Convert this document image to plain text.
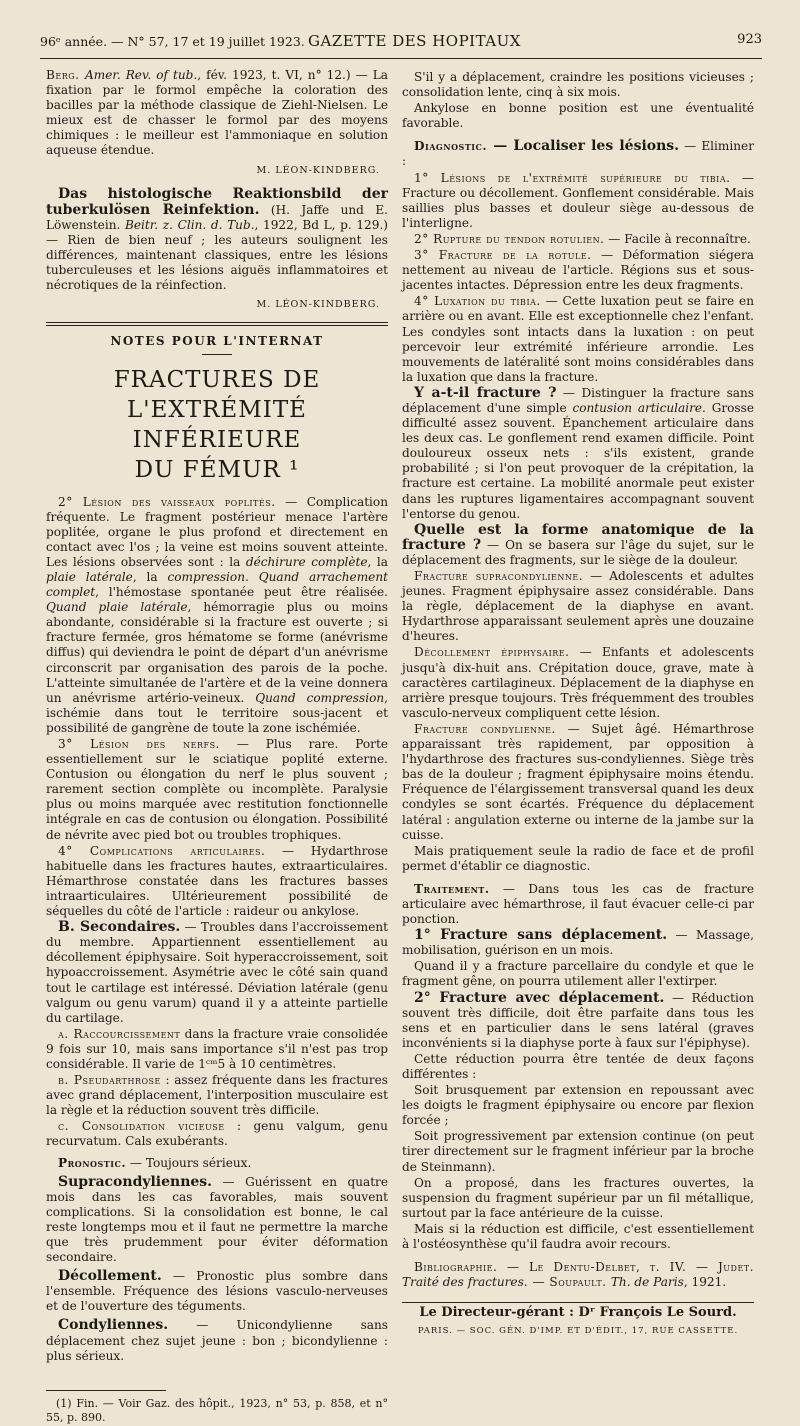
96ᵉ année. — N° 57, 17 et 19 juillet 1923. GAZETTE DES HOPITAUX	923

Berg. Amer. Rev. of tub., fév. 1923, t. VI, n° 12.) — La fixation par le formol empêche la coloration des bacilles par la méthode classique de Ziehl-Nielsen. Le mieux est de chasser le formol par des moyens chimiques : le meilleur est l'ammoniaque en solution aqueuse étendue.

M. LÉON-KINDBERG.

Das histologische Reaktionsbild der tuberkulösen Reinfektion. (H. Jaffe und E. Löwenstein. Beitr. z. Clin. d. Tub., 1922, Bd L, p. 129.) — Rien de bien neuf ; les auteurs soulignent les différences, maintenant classiques, entre les lésions tuberculeuses et les lésions aiguës inflammatoires et nécrotiques de la réinfection.

M. LÉON-KINDBERG.
NOTES POUR L'INTERNAT
FRACTURES DE L'EXTRÉMITÉ INFÉRIEURE
DU FÉMUR ¹

2° Lésion des vaisseaux poplités. — Complication fréquente. Le fragment postérieur menace l'artère poplitée, organe le plus profond et directement en contact avec l'os ; la veine est moins souvent atteinte. Les lésions observées sont : la déchirure complète, la plaie latérale, la compression. Quand arrachement complet, l'hémostase spontanée peut être réalisée. Quand plaie latérale, hémorragie plus ou moins abondante, considérable si la fracture est ouverte ; si fracture fermée, gros hématome se forme (anévrisme diffus) qui deviendra le point de départ d'un anévrisme circonscrit par organisation des parois de la poche. L'atteinte simultanée de l'artère et de la veine donnera un anévrisme artério-veineux. Quand compression, ischémie dans tout le territoire sous-jacent et possibilité de gangrène de toute la zone ischémiée.

3° Lésion des nerfs. — Plus rare. Porte essentiellement sur le sciatique poplité externe. Contusion ou élongation du nerf le plus souvent ; rarement section complète ou incomplète. Paralysie plus ou moins marquée avec restitution fonctionnelle intégrale en cas de contusion ou élongation. Possibilité de névrite avec pied bot ou troubles trophiques.

4° Complications articulaires. — Hydarthrose habituelle dans les fractures hautes, extraarticulaires. Hémarthrose constatée dans les fractures basses intraarticulaires. Ultérieurement possibilité de séquelles du côté de l'article : raideur ou ankylose.

B. Secondaires. — Troubles dans l'accroissement du membre. Appartiennent essentiellement au décollement épiphysaire. Soit hyperaccroissement, soit hypoaccroissement. Asymétrie avec le côté sain quand tout le cartilage est intéressé. Déviation latérale (genu valgum ou genu varum) quand il y a atteinte partielle du cartilage.

a. Raccourcissement dans la fracture vraie consolidée 9 fois sur 10, mais sans importance s'il n'est pas trop considérable. Il varie de 1ᶜᵐ5 à 10 centimètres.

b. Pseudarthrose : assez fréquente dans les fractures avec grand déplacement, l'interposition musculaire est la règle et la réduction souvent très difficile.

c. Consolidation vicieuse : genu valgum, genu recurvatum. Cals exubérants.

Pronostic. — Toujours sérieux.

Supracondyliennes. — Guérissent en quatre mois dans les cas favorables, mais souvent complications. Si la consolidation est bonne, le cal reste longtemps mou et il faut ne permettre la marche que très prudemment pour éviter déformation secondaire.

Décollement. — Pronostic plus sombre dans l'ensemble. Fréquence des lésions vasculo-nerveuses et de l'ouverture des téguments.

Condyliennes. — Unicondylienne sans déplacement chez sujet jeune : bon ; bicondylienne : plus sérieux.

(1) Fin. — Voir Gaz. des hôpit., 1923, n° 53, p. 858, et n° 55, p. 890.

S'il y a déplacement, craindre les positions vicieuses ; consolidation lente, cinq à six mois.

Ankylose en bonne position est une éventualité favorable.

Diagnostic. — Localiser les lésions. — Eliminer :

1° Lésions de l'extrémité supérieure du tibia. — Fracture ou décollement. Gonflement considérable. Mais saillies plus basses et douleur siège au-dessous de l'interligne.

2° Rupture du tendon rotulien. — Facile à reconnaître.

3° Fracture de la rotule. — Déformation siégera nettement au niveau de l'article. Régions sus et sous-jacentes intactes. Dépression entre les deux fragments.

4° Luxation du tibia. — Cette luxation peut se faire en arrière ou en avant. Elle est exceptionnelle chez l'enfant. Les condyles sont intacts dans la luxation : on peut percevoir leur extrémité inférieure arrondie. Les mouvements de latéralité sont moins considérables dans la luxation que dans la fracture.

Y a-t-il fracture ? — Distinguer la fracture sans déplacement d'une simple contusion articulaire. Grosse difficulté assez souvent. Épanchement articulaire dans les deux cas. Le gonflement rend examen difficile. Point douloureux osseux nets : s'ils existent, grande probabilité ; si l'on peut provoquer de la crépitation, la fracture est certaine. La mobilité anormale peut exister dans les ruptures ligamentaires accompagnant souvent l'entorse du genou.

Quelle est la forme anatomique de la fracture ? — On se basera sur l'âge du sujet, sur le déplacement des fragments, sur le siège de la douleur.

Fracture supracondylienne. — Adolescents et adultes jeunes. Fragment épiphysaire assez considérable. Dans la règle, déplacement de la diaphyse en avant. Hydarthrose apparaissant seulement après une douzaine d'heures.

Décollement épiphysaire. — Enfants et adolescents jusqu'à dix-huit ans. Crépitation douce, grave, mate à caractères cartilagineux. Déplacement de la diaphyse en arrière presque toujours. Très fréquemment des troubles vasculo-nerveux compliquent cette lésion.

Fracture condylienne. — Sujet âgé. Hémarthrose apparaissant très rapidement, par opposition à l'hydarthrose des fractures sus-condyliennes. Siège très bas de la douleur ; fragment épiphysaire moins étendu. Fréquence de l'élargissement transversal quand les deux condyles se sont écartés. Fréquence du déplacement latéral : angulation externe ou interne de la jambe sur la cuisse.

Mais pratiquement seule la radio de face et de profil permet d'établir ce diagnostic.

Traitement. — Dans tous les cas de fracture articulaire avec hémarthrose, il faut évacuer celle-ci par ponction.

1° Fracture sans déplacement. — Massage, mobilisation, guérison en un mois.

Quand il y a fracture parcellaire du condyle et que le fragment gêne, on pourra utilement aller l'extirper.

2° Fracture avec déplacement. — Réduction souvent très difficile, doit être parfaite dans tous les sens et en particulier dans le sens latéral (graves inconvénients si la diaphyse porte à faux sur l'épiphyse).

Cette réduction pourra être tentée de deux façons différentes :

Soit brusquement par extension en repoussant avec les doigts le fragment épiphysaire ou encore par flexion forcée ;

Soit progressivement par extension continue (on peut tirer directement sur le fragment inférieur par la broche de Steinmann).

On a proposé, dans les fractures ouvertes, la suspension du fragment supérieur par un fil métallique, surtout par la face antérieure de la cuisse.

Mais si la réduction est difficile, c'est essentiellement à l'ostéosynthèse qu'il faudra avoir recours.

Bibliographie. — Le Dentu-Delbet, t. IV. — Judet. Traité des fractures. — Soupault. Th. de Paris, 1921.

Le Directeur-gérant : Dʳ François Le Sourd.
PARIS. — SOC. GÉN. D'IMP. ET D'ÉDIT., 17, RUE CASSETTE.
